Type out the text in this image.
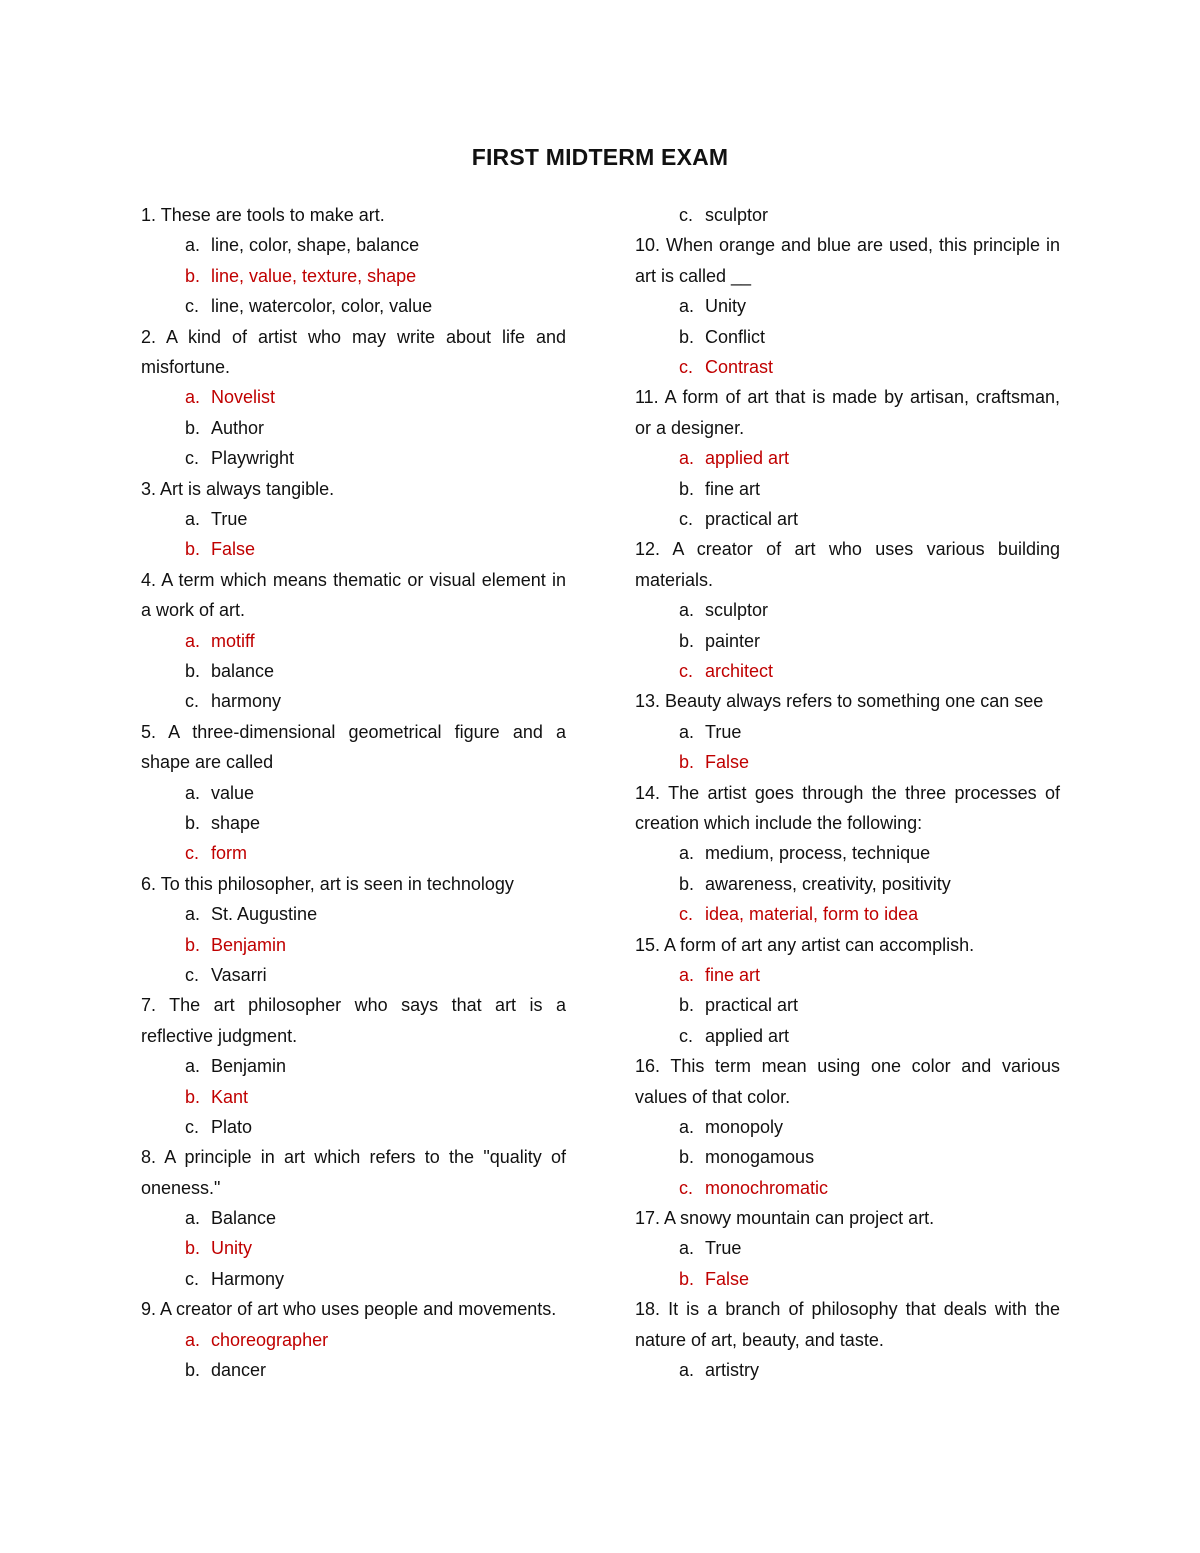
FIRST MIDTERM EXAM
1. These are tools to make art.
a. line, color, shape, balance
b. line, value, texture, shape
c. line, watercolor, color, value
2. A kind of artist who may write about life and misfortune.
a. Novelist
b. Author
c. Playwright
3. Art is always tangible.
a. True
b. False
4. A term which means thematic or visual element in a work of art.
a. motiff
b. balance
c. harmony
5. A three-dimensional geometrical figure and a shape are called
a. value
b. shape
c. form
6. To this philosopher, art is seen in technology
a. St. Augustine
b. Benjamin
c. Vasarri
7. The art philosopher who says that art is a reflective judgment.
a. Benjamin
b. Kant
c. Plato
8. A principle in art which refers to the "quality of oneness."
a. Balance
b. Unity
c. Harmony
9. A creator of art who uses people and movements.
a. choreographer
b. dancer
c. sculptor
10. When orange and blue are used, this principle in art is called __
a. Unity
b. Conflict
c. Contrast
11. A form of art that is made by artisan, craftsman, or a designer.
a. applied art
b. fine art
c. practical art
12. A creator of art who uses various building materials.
a. sculptor
b. painter
c. architect
13. Beauty always refers to something one can see
a. True
b. False
14. The artist goes through the three processes of creation which include the following:
a. medium, process, technique
b. awareness, creativity, positivity
c. idea, material, form to idea
15. A form of art any artist can accomplish.
a. fine art
b. practical art
c. applied art
16. This term mean using one color and various values of that color.
a. monopoly
b. monogamous
c. monochromatic
17. A snowy mountain can project art.
a. True
b. False
18. It is a branch of philosophy that deals with the nature of art, beauty, and taste.
a. artistry
